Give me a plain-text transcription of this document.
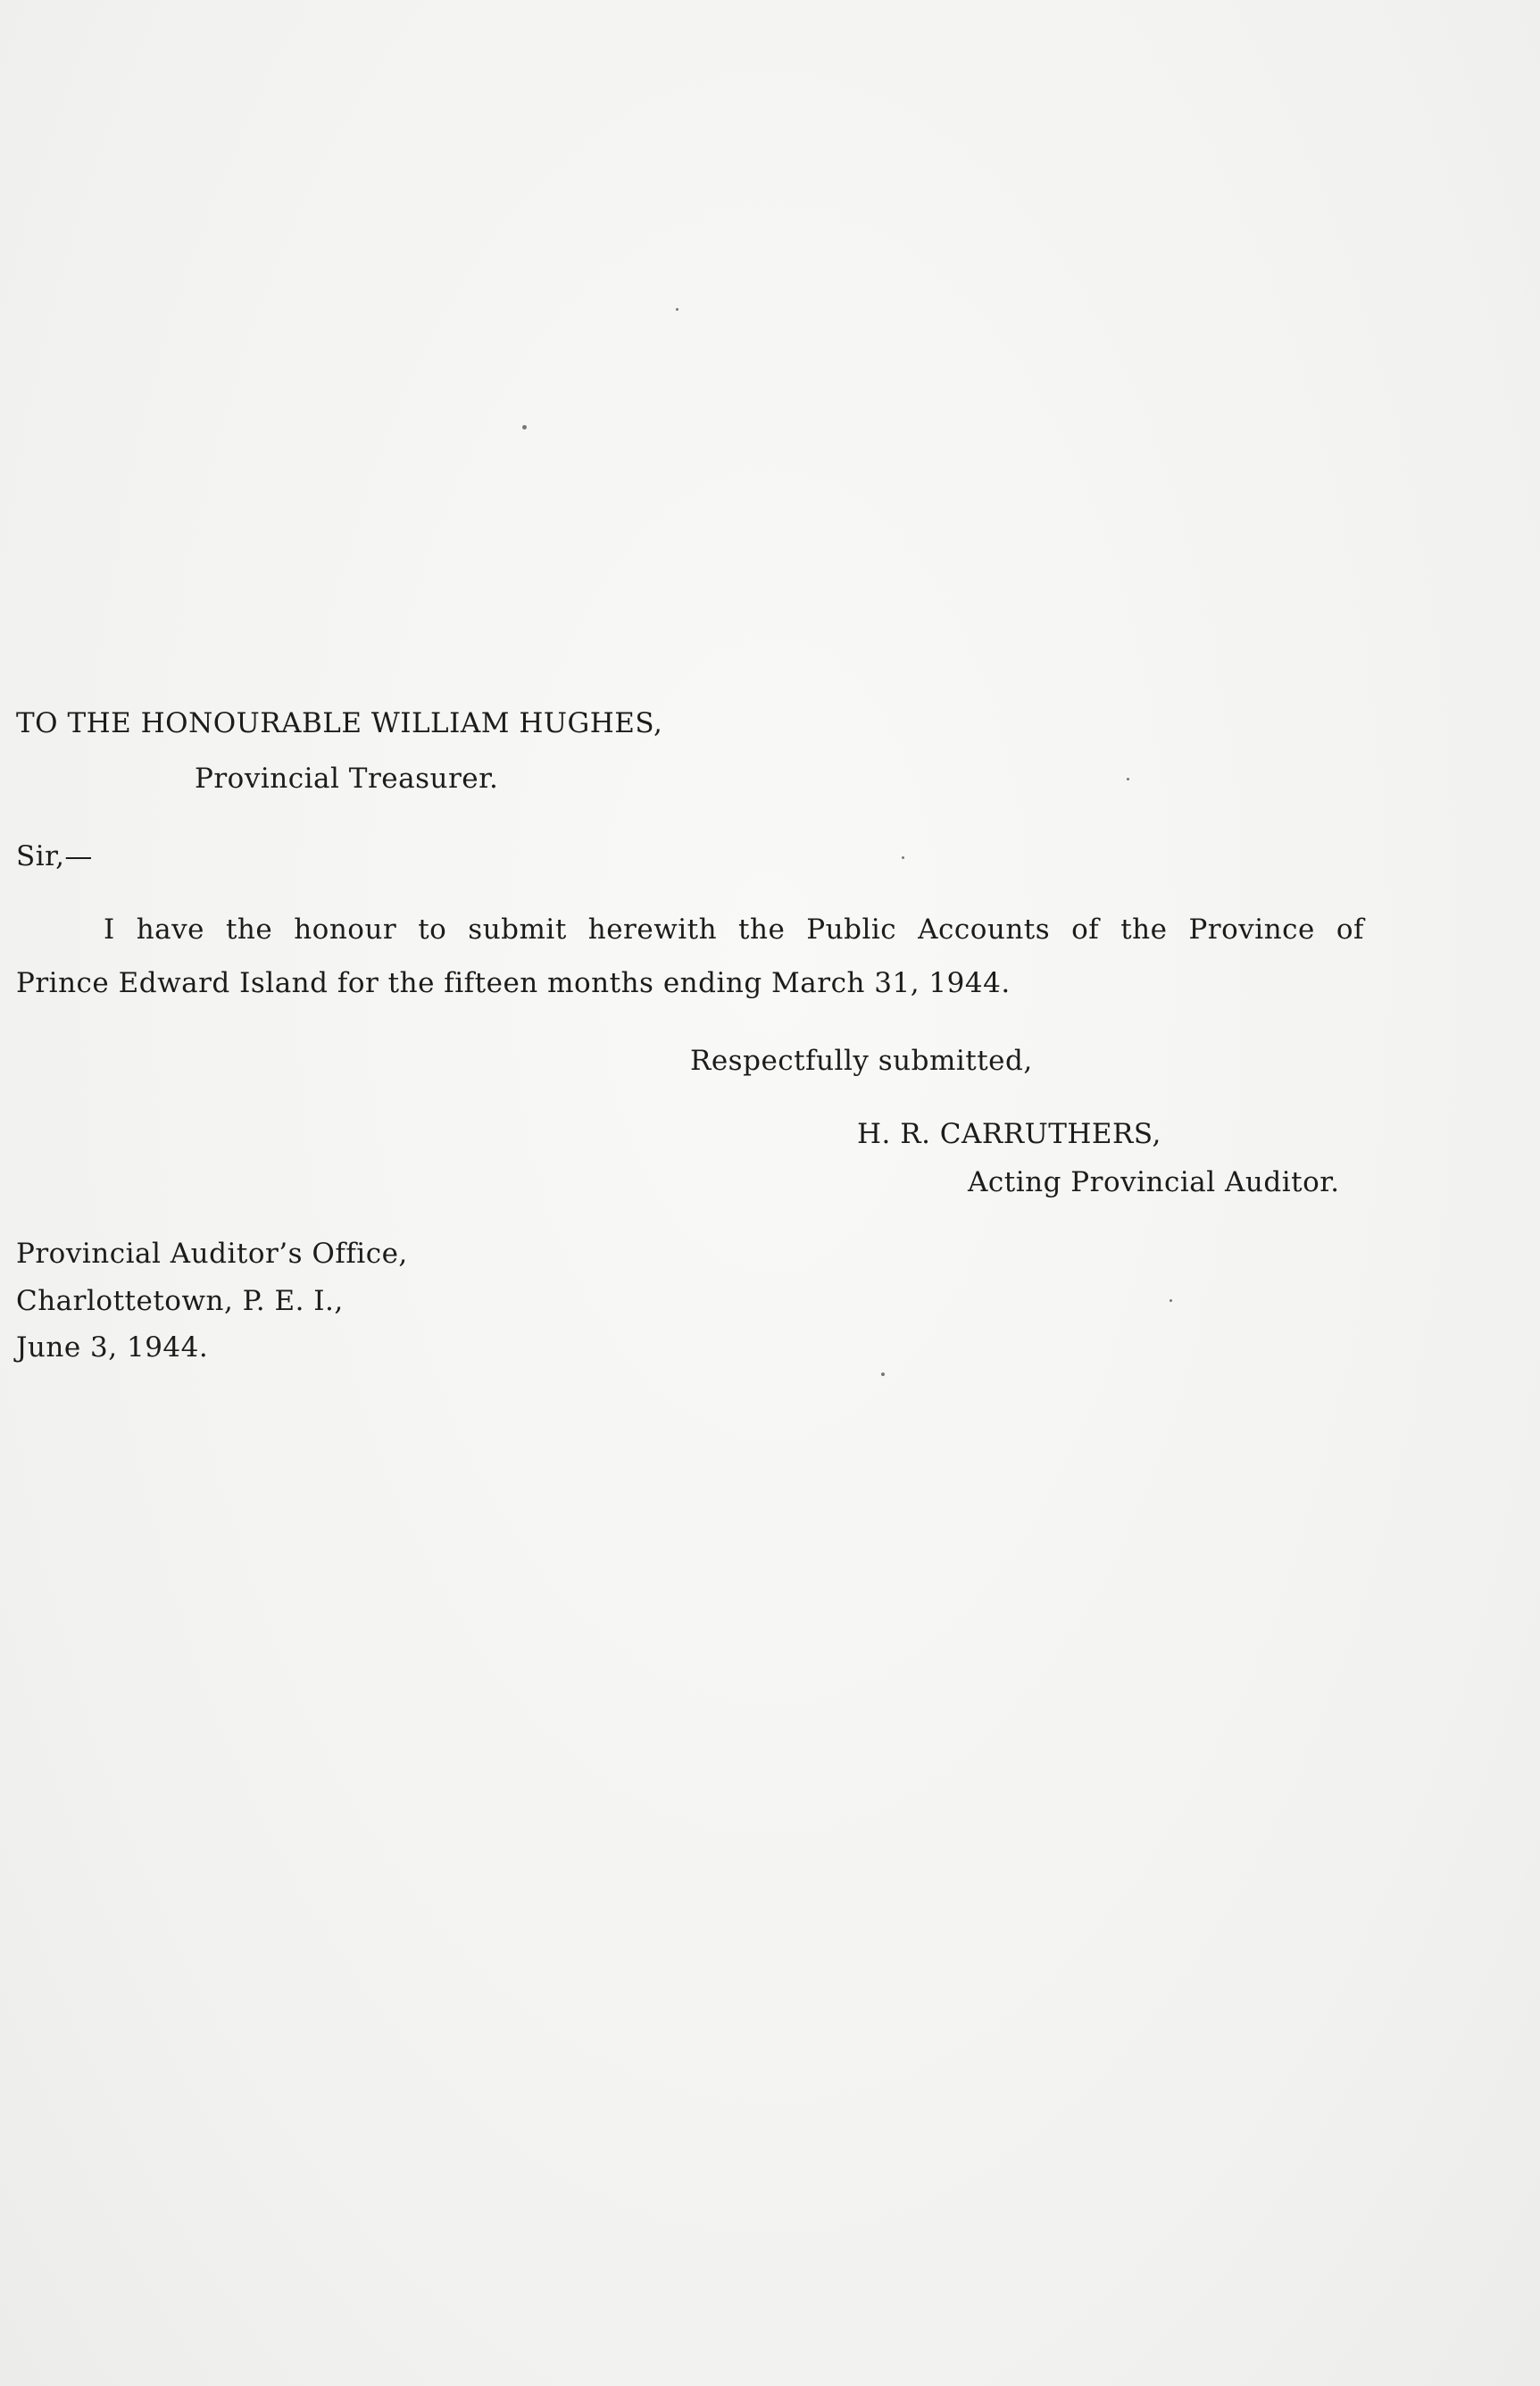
TO THE HONOURABLE WILLIAM HUGHES,
Provincial Treasurer.
Sir,—
I have the honour to submit herewith the Public Accounts of the Province of
Prince Edward Island for the fifteen months ending March 31, 1944.
Respectfully submitted,
H. R. CARRUTHERS,
Acting Provincial Auditor.
Provincial Auditor’s Office,
Charlottetown, P. E. I.,
June 3, 1944.
